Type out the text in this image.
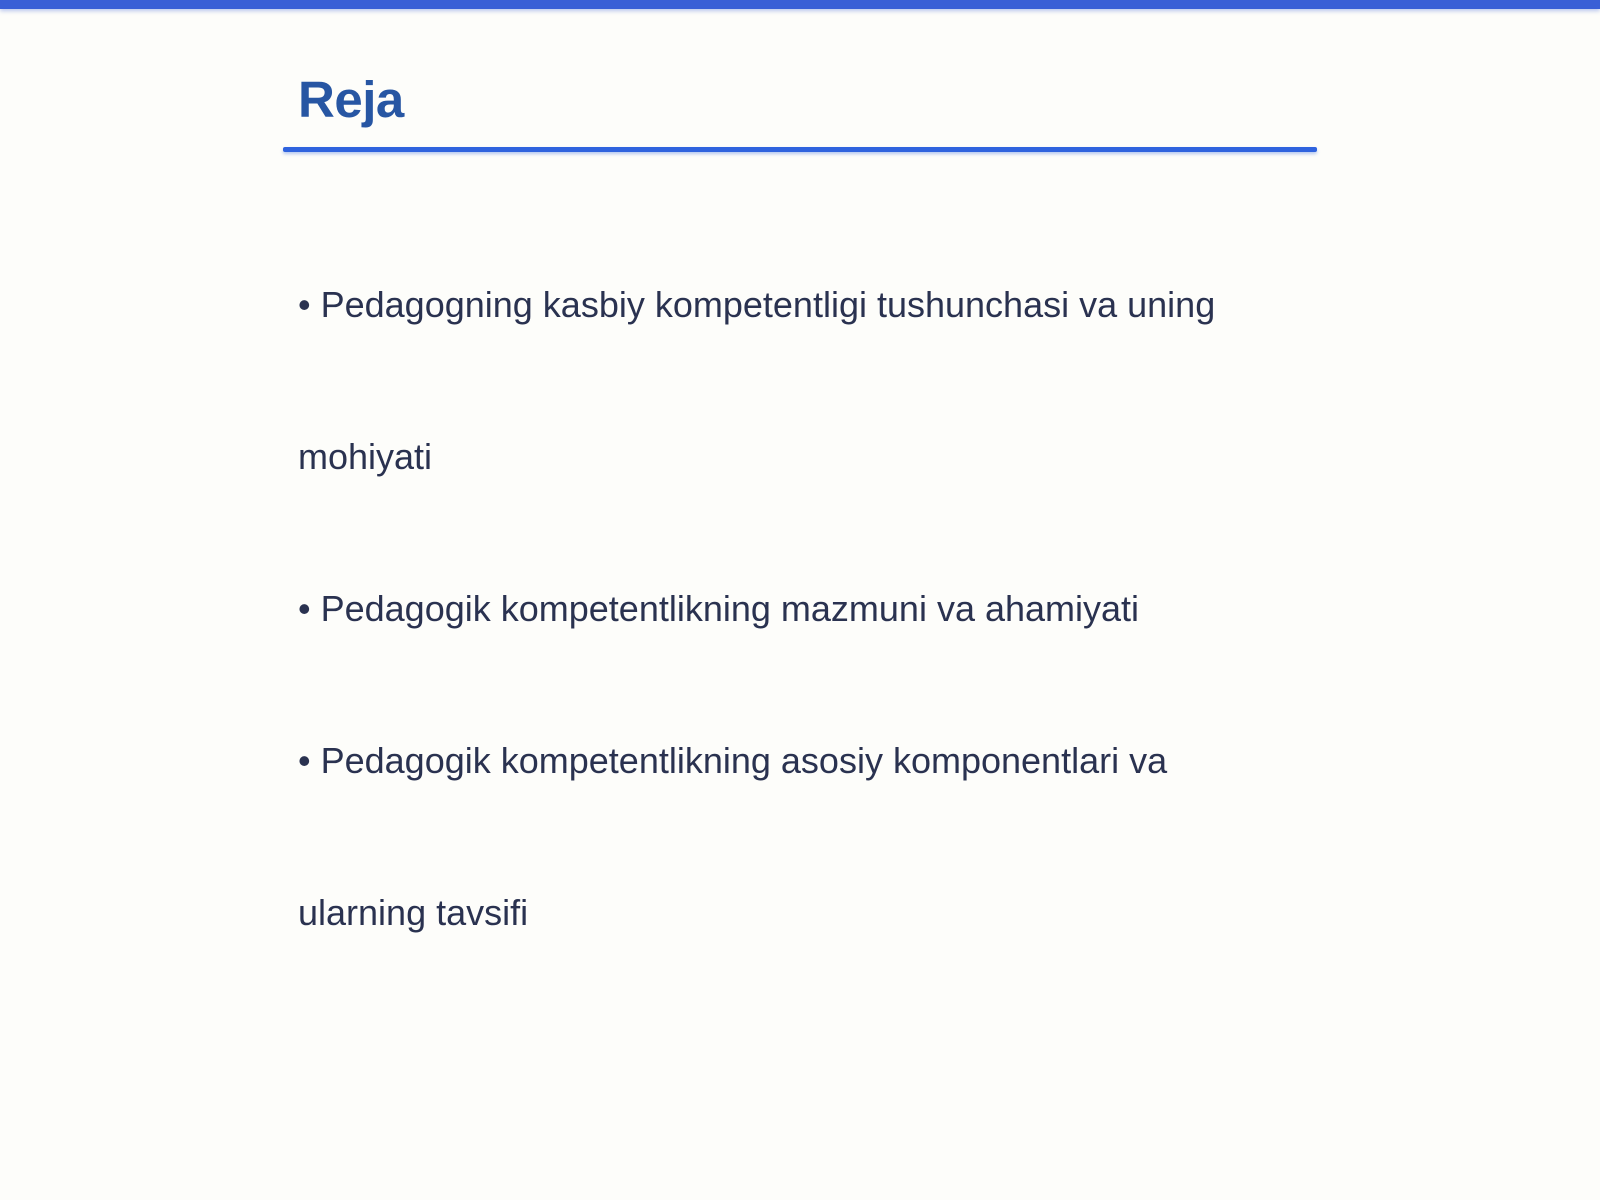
Reja

• Pedagogning kasbiy kompetentligi tushunchasi va uning

mohiyati

• Pedagogik kompetentlikning mazmuni va ahamiyati

• Pedagogik kompetentlikning asosiy komponentlari va

ularning tavsifi
